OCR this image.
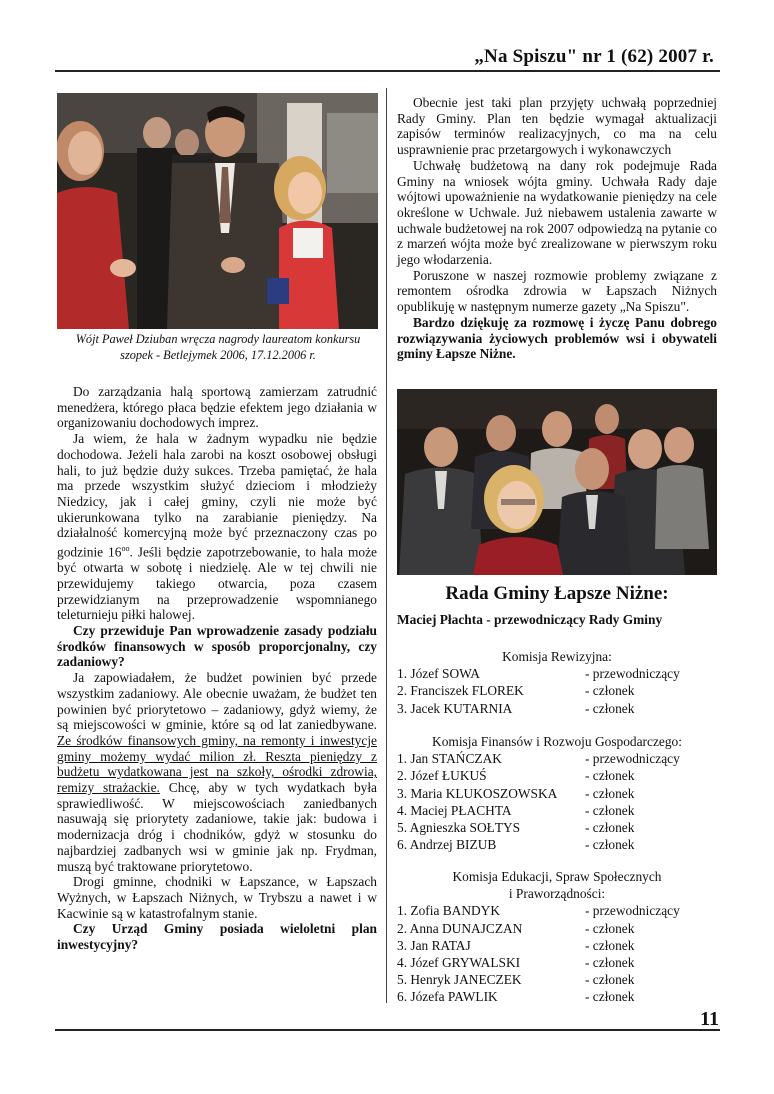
„Na Spiszu" nr 1 (62) 2007 r.
Wójt Paweł Dziuban wręcza nagrody laureatom konkursu szopek - Betlejymek 2006, 17.12.2006 r.

Do zarządzania halą sportową zamierzam zatrudnić menedżera, którego płaca będzie efektem jego działania w organizowaniu dochodowych imprez.

Ja wiem, że hala w żadnym wypadku nie będzie dochodowa. Jeżeli hala zarobi na koszt osobowej obsługi hali, to już będzie duży sukces. Trzeba pamiętać, że hala ma przede wszystkim służyć dzieciom i młodzieży Niedzicy, jak i całej gminy, czyli nie może być ukierunkowana tylko na zarabianie pieniędzy. Na działalność komercyjną może być przeznaczony czas po godzinie $16^{oo}$. Jeśli będzie zapotrzebowanie, to hala może być otwarta w sobotę i niedzielę. Ale w tej chwili nie przewidujemy takiego otwarcia, poza czasem przewidzianym na przeprowadzenie wspomnianego teleturnieju piłki halowej.

Czy przewiduje Pan wprowadzenie zasady podziału środków finansowych w sposób proporcjonalny, czy zadaniowy?

Ja zapowiadałem, że budżet powinien być przede wszystkim zadaniowy. Ale obecnie uważam, że budżet ten powinien być priorytetowo – zadaniowy, gdyż wiemy, że są miejscowości w gminie, które są od lat zaniedbywane. Ze środków finansowych gminy, na remonty i inwestycje gminy możemy wydać milion zł. Reszta pieniędzy z budżetu wydatkowana jest na szkoły, ośrodki zdrowia, remizy strażackie. Chcę, aby w tych wydatkach była sprawiedliwość. W miejscowościach zaniedbanych nasuwają się priorytety zadaniowe, takie jak: budowa i modernizacja dróg i chodników, gdyż w stosunku do najbardziej zadbanych wsi w gminie jak np. Frydman, muszą być traktowane priorytetowo.

Drogi gminne, chodniki w Łapszance, w Łapszach Wyżnych, w Łapszach Niżnych, w Trybszu a nawet i w Kacwinie są w katastrofalnym stanie.

Czy Urząd Gminy posiada wieloletni plan inwestycyjny?

Obecnie jest taki plan przyjęty uchwałą poprzedniej Rady Gminy. Plan ten będzie wymagał aktualizacji zapisów terminów realizacyjnych, co ma na celu usprawnienie prac przetargowych i wykonawczych

Uchwałę budżetową na dany rok podejmuje Rada Gminy na wniosek wójta gminy. Uchwała Rady daje wójtowi upoważnienie na wydatkowanie pieniędzy na cele określone w Uchwale. Już niebawem ustalenia zawarte w uchwale budżetowej na rok 2007 odpowiedzą na pytanie co z marzeń wójta może być zrealizowane w pierwszym roku jego włodarzenia.

Poruszone w naszej rozmowie problemy związane z remontem ośrodka zdrowia w Łapszach Niżnych opublikuję w następnym numerze gazety „Na Spiszu".

Bardzo dziękuję za rozmowę i życzę Panu dobrego rozwiązywania życiowych problemów wsi i obywateli gminy Łapsze Niżne.

Rada Gminy Łapsze Niżne:
Maciej Płachta - przewodniczący Rady Gminy
Komisja Rewizyjna:
1. Józef SOWA	- przewodniczący
2. Franciszek FLOREK	- członek
3. Jacek KUTARNIA	- członek
Komisja Finansów i Rozwoju Gospodarczego:
1. Jan STAŃCZAK	- przewodniczący
2. Józef ŁUKUŚ	- członek
3. Maria KLUKOSZOWSKA	- członek
4. Maciej PŁACHTA	- członek
5. Agnieszka SOŁTYS	- członek
6. Andrzej BIZUB	- członek
Komisja Edukacji, Spraw Społecznych
i Praworządności:
1. Zofia BANDYK	- przewodniczący
2. Anna DUNAJCZAN	- członek
3. Jan RATAJ	- członek
4. Józef GRYWALSKI	- członek
5. Henryk JANECZEK	- członek
6. Józefa PAWLIK	- członek
11
